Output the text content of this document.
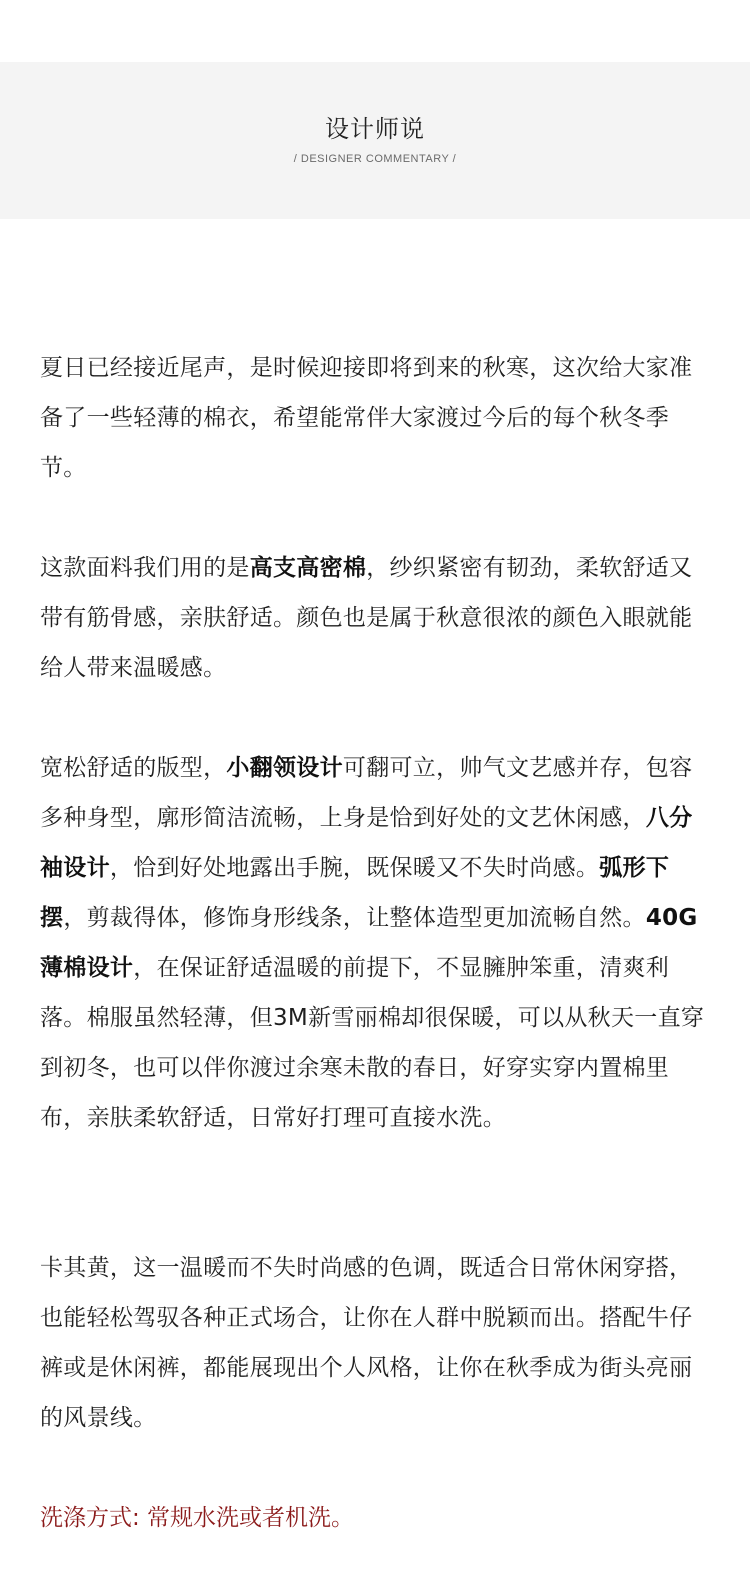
设计师说
/ DESIGNER COMMENTARY /
夏日已经接近尾声，是时候迎接即将到来的秋寒，这次给大家准备了一些轻薄的棉衣，希望能常伴大家渡过今后的每个秋冬季节。
这款面料我们用的是高支高密棉，纱织紧密有韧劲，柔软舒适又带有筋骨感，亲肤舒适。颜色也是属于秋意很浓的颜色入眼就能给人带来温暖感。
宽松舒适的版型，小翻领设计可翻可立，帅气文艺感并存，包容多种身型，廓形简洁流畅，上身是恰到好处的文艺休闲感，八分袖设计，恰到好处地露出手腕，既保暖又不失时尚感。弧形下摆，剪裁得体，修饰身形线条，让整体造型更加流畅自然。40G薄棉设计，在保证舒适温暖的前提下，不显臃肿笨重，清爽利落。棉服虽然轻薄，但3M新雪丽棉却很保暖，可以从秋天一直穿到初冬，也可以伴你渡过余寒未散的春日，好穿实穿内置棉里布，亲肤柔软舒适，日常好打理可直接水洗。
卡其黄，这一温暖而不失时尚感的色调，既适合日常休闲穿搭，也能轻松驾驭各种正式场合，让你在人群中脱颖而出。搭配牛仔裤或是休闲裤，都能展现出个人风格，让你在秋季成为街头亮丽的风景线。
洗涤方式: 常规水洗或者机洗。
